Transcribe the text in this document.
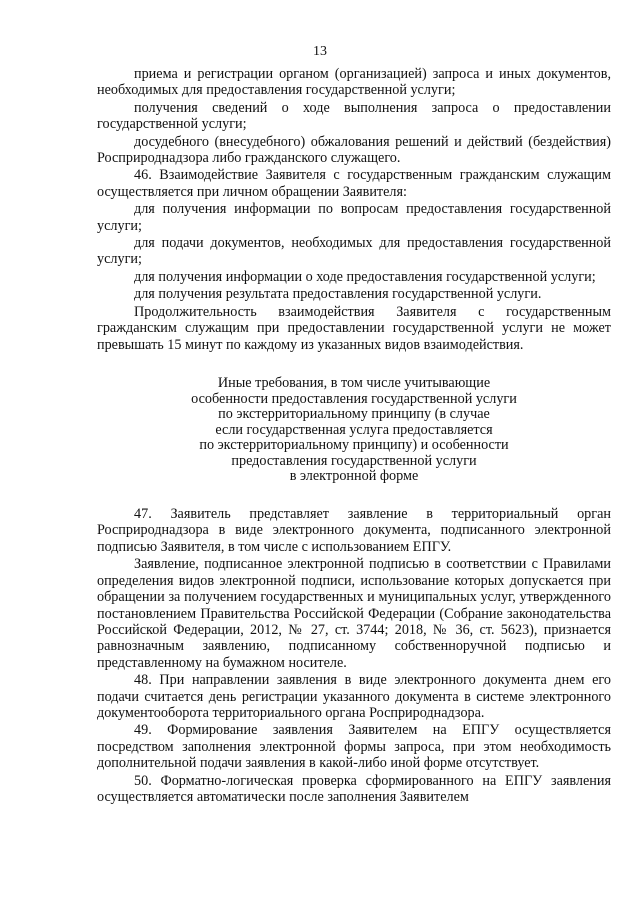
13

приема и регистрации органом (организацией) запроса и иных документов, необходимых для предоставления государственной услуги;

получения сведений о ходе выполнения запроса о предоставлении государственной услуги;

досудебного (внесудебного) обжалования решений и действий (бездействия) Росприроднадзора либо гражданского служащего.

46. Взаимодействие Заявителя с государственным гражданским служащим осуществляется при личном обращении Заявителя:

для получения информации по вопросам предоставления государственной услуги;

для подачи документов, необходимых для предоставления государственной услуги;

для получения информации о ходе предоставления государственной услуги;

для получения результата предоставления государственной услуги.

Продолжительность взаимодействия Заявителя с государственным гражданским служащим при предоставлении государственной услуги не может превышать 15 минут по каждому из указанных видов взаимодействия.

Иные требования, в том числе учитывающие
особенности предоставления государственной услуги
по экстерриториальному принципу (в случае
если государственная услуга предоставляется
по экстерриториальному принципу) и особенности
предоставления государственной услуги
в электронной форме

47. Заявитель представляет заявление в территориальный орган Росприроднадзора в виде электронного документа, подписанного электронной подписью Заявителя, в том числе с использованием ЕПГУ.

Заявление, подписанное электронной подписью в соответствии с Правилами определения видов электронной подписи, использование которых допускается при обращении за получением государственных и муниципальных услуг, утвержденного постановлением Правительства Российской Федерации (Собрание законодательства Российской Федерации, 2012, № 27, ст. 3744; 2018, № 36, ст. 5623), признается равнозначным заявлению, подписанному собственноручной подписью и представленному на бумажном носителе.

48. При направлении заявления в виде электронного документа днем его подачи считается день регистрации указанного документа в системе электронного документооборота территориального органа Росприроднадзора.

49. Формирование заявления Заявителем на ЕПГУ осуществляется посредством заполнения электронной формы запроса, при этом необходимость дополнительной подачи заявления в какой-либо иной форме отсутствует.

50. Форматно-логическая проверка сформированного на ЕПГУ заявления осуществляется автоматически после заполнения Заявителем
